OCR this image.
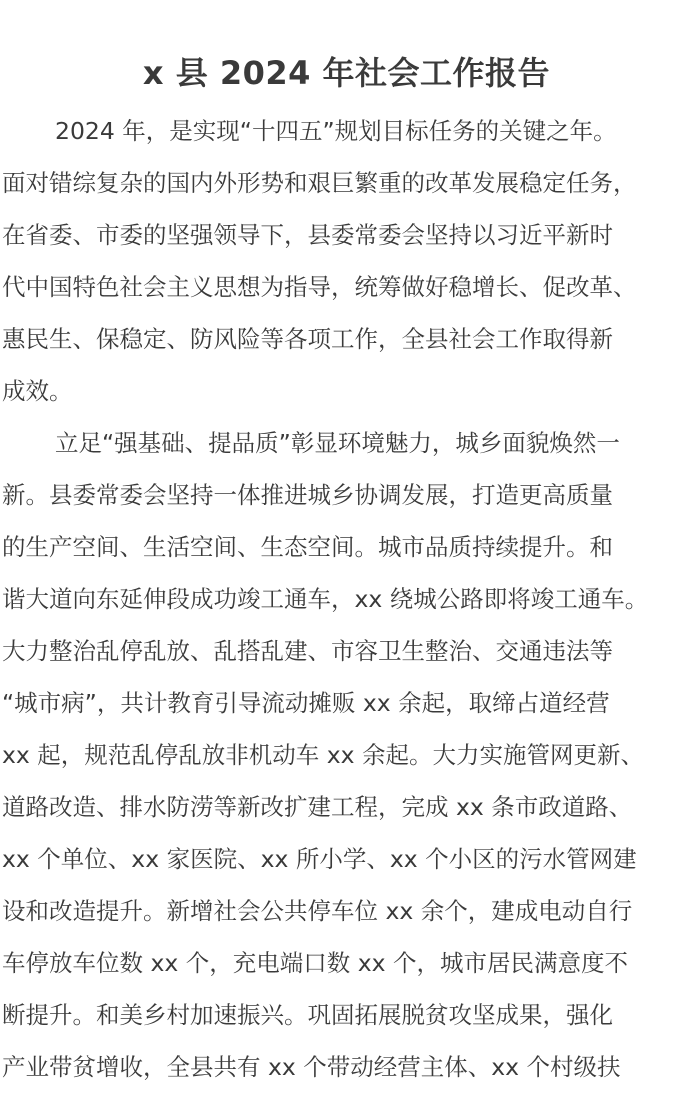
x 县 2024 年社会工作报告
2024 年，是实现“十四五”规划目标任务的关键之年。
面对错综复杂的国内外形势和艰巨繁重的改革发展稳定任务，
在省委、市委的坚强领导下，县委常委会坚持以习近平新时
代中国特色社会主义思想为指导，统筹做好稳增长、促改革、
惠民生、保稳定、防风险等各项工作，全县社会工作取得新
成效。
立足“强基础、提品质”彰显环境魅力，城乡面貌焕然一
新。县委常委会坚持一体推进城乡协调发展，打造更高质量
的生产空间、生活空间、生态空间。城市品质持续提升。和
谐大道向东延伸段成功竣工通车，xx 绕城公路即将竣工通车。
大力整治乱停乱放、乱搭乱建、市容卫生整治、交通违法等
“城市病”，共计教育引导流动摊贩 xx 余起，取缔占道经营
xx 起，规范乱停乱放非机动车 xx 余起。大力实施管网更新、
道路改造、排水防涝等新改扩建工程，完成 xx 条市政道路、
xx 个单位、xx 家医院、xx 所小学、xx 个小区的污水管网建
设和改造提升。新增社会公共停车位 xx 余个，建成电动自行
车停放车位数 xx 个，充电端口数 xx 个，城市居民满意度不
断提升。和美乡村加速振兴。巩固拓展脱贫攻坚成果，强化
产业带贫增收，全县共有 xx 个带动经营主体、xx 个村级扶
